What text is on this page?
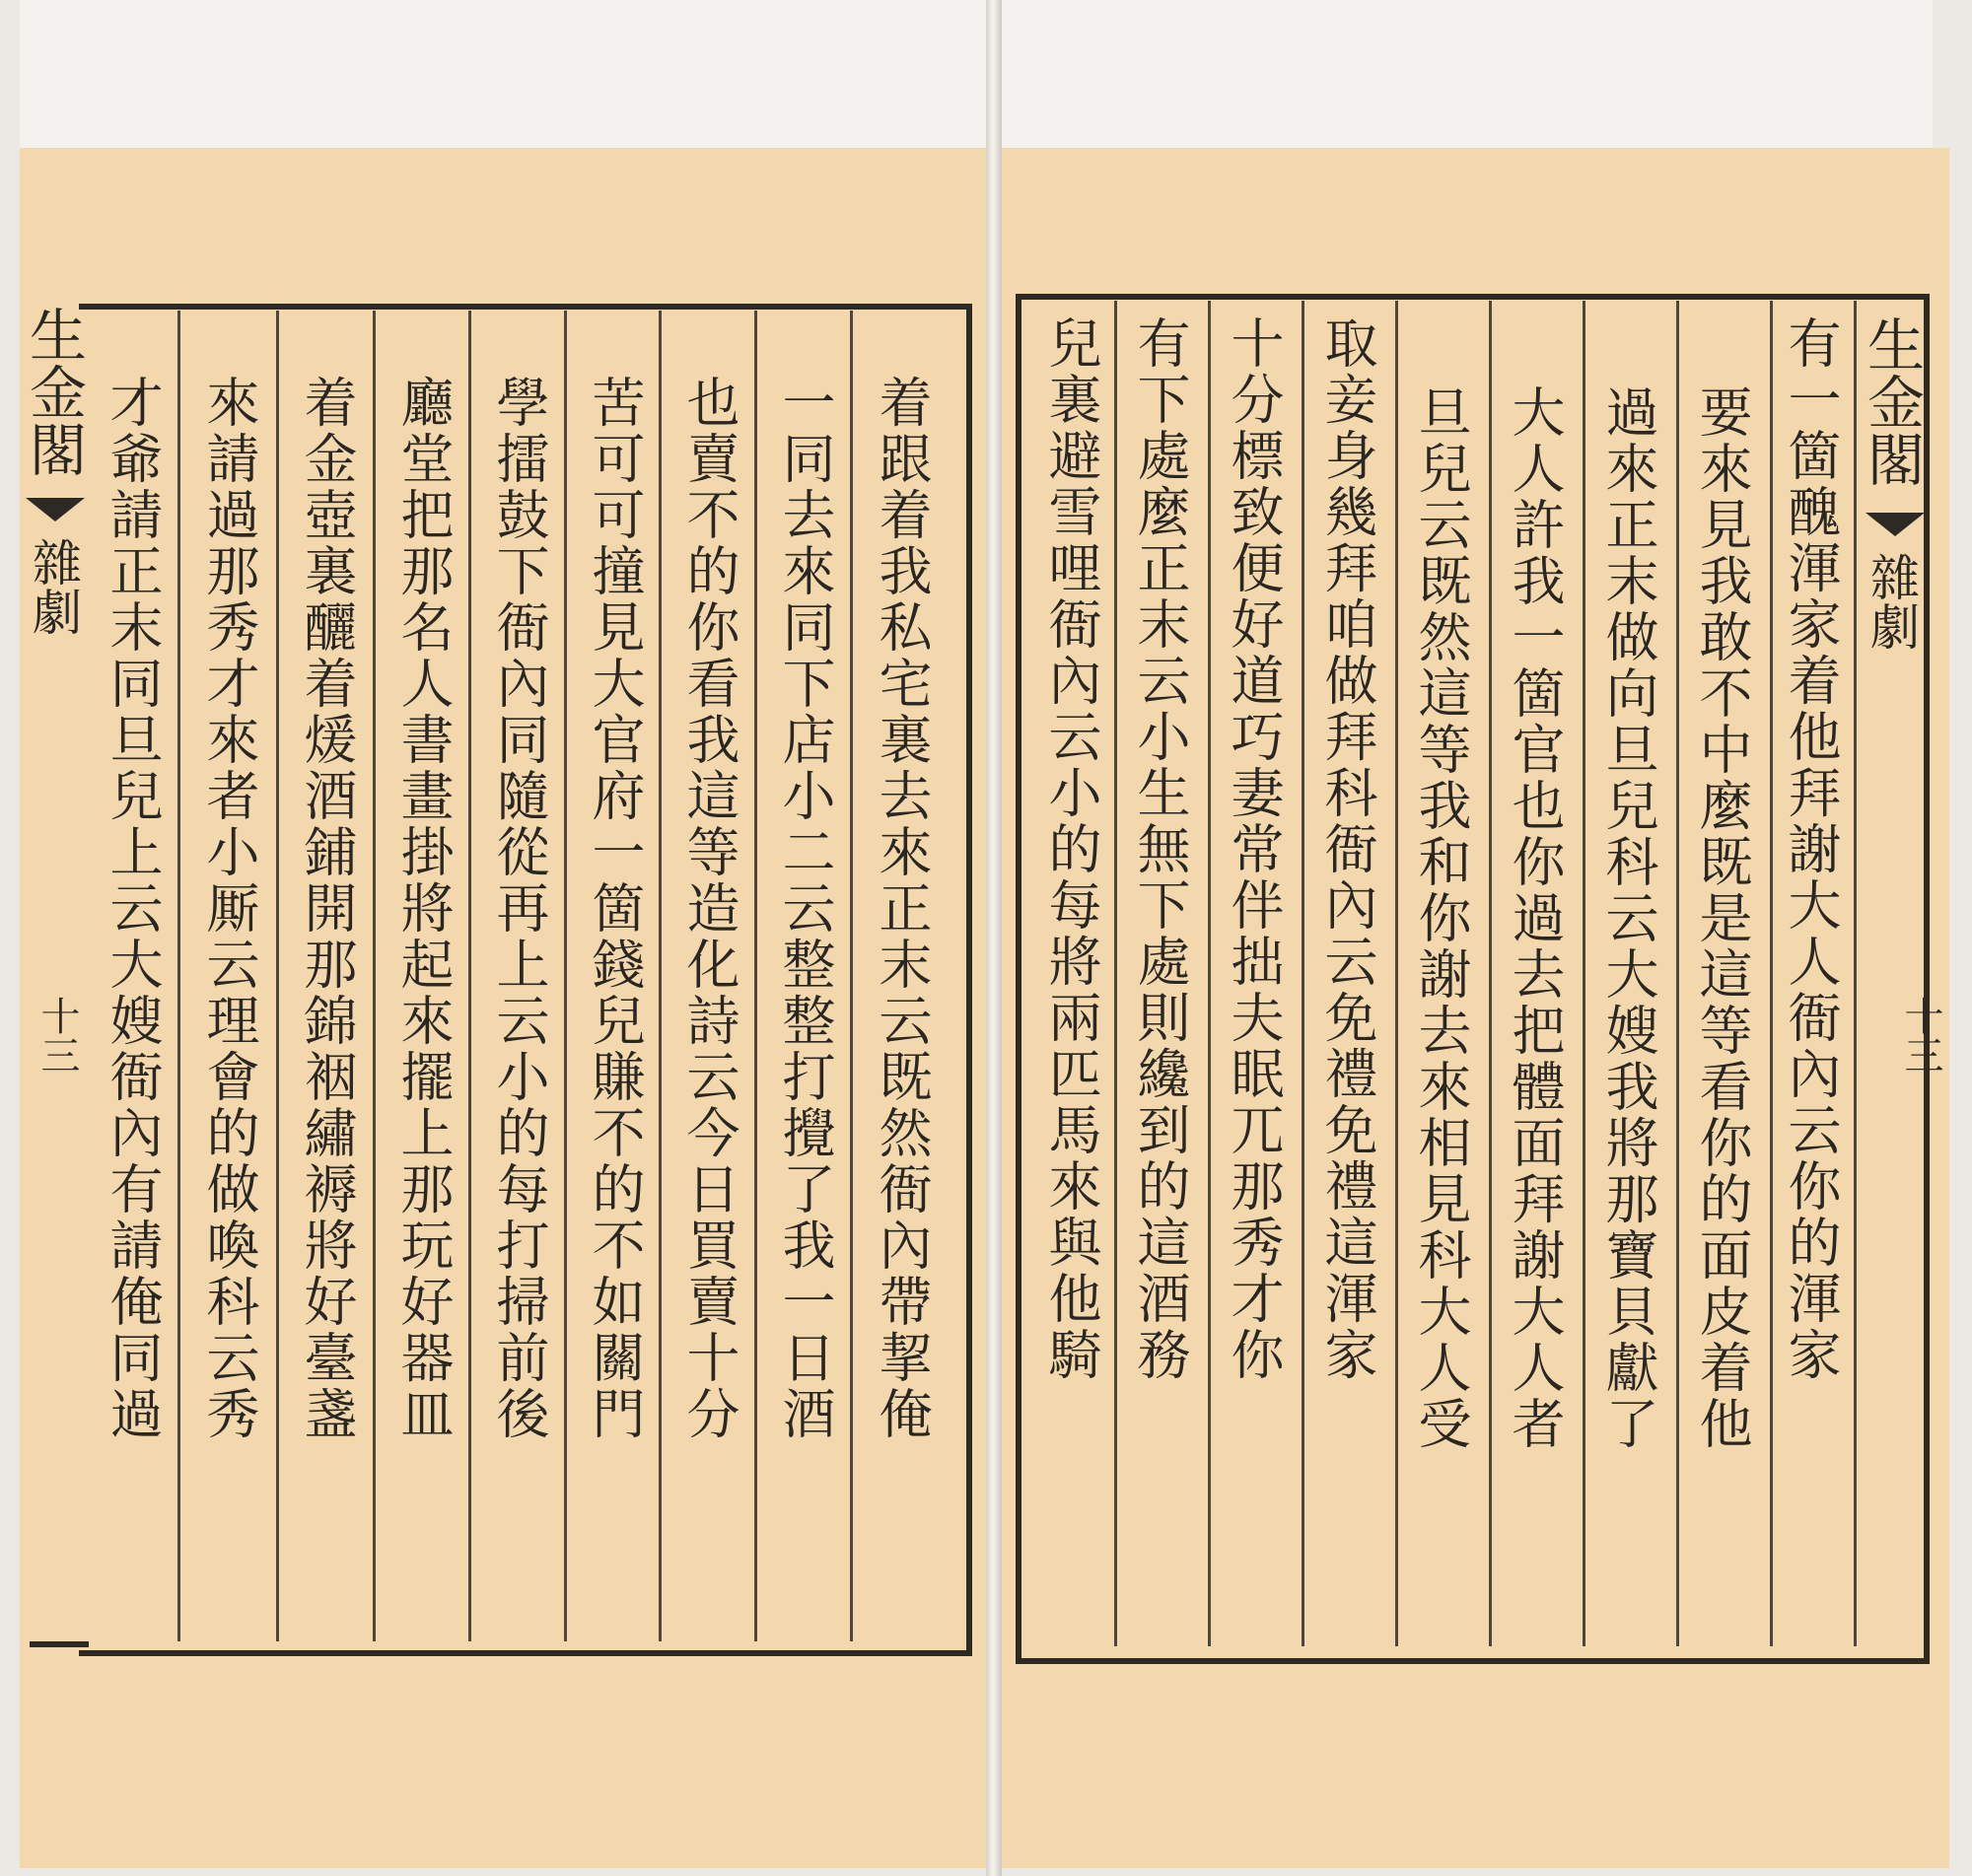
有一箇醜渾家着他拜謝大人衙內云你的渾家
要來見我敢不中麼既是這等看你的面皮着他
過來正末做向旦兒科云大嫂我將那寶貝獻了
大人許我一箇官也你過去把體面拜謝大人者
旦兒云既然這等我和你謝去來相見科大人受
取妾身幾拜咱做拜科衙內云免禮免禮這渾家
十分標致便好道巧妻常伴拙夫眠兀那秀才你
有下處麼正末云小生無下處則纔到的這酒務
兒裏避雪哩衙內云小的每將兩匹馬來與他騎	生金閣
雜劇
十三
着跟着我私宅裏去來正末云既然衙內帶挈俺
一同去來同下店小二云整整打攪了我一日酒
也賣不的你看我這等造化詩云今日買賣十分
苦可可撞見大官府一箇錢兒賺不的不如關門
學擂鼓下衙內同隨從再上云小的每打掃前後
廳堂把那名人書畫掛將起來擺上那玩好器皿
着金壺裏釃着煖酒鋪開那錦裀繡褥將好臺盞
來請過那秀才來者小厮云理會的做喚科云秀
才爺請正末同旦兒上云大嫂衙內有請俺同過
生金閣
雜劇
十三
